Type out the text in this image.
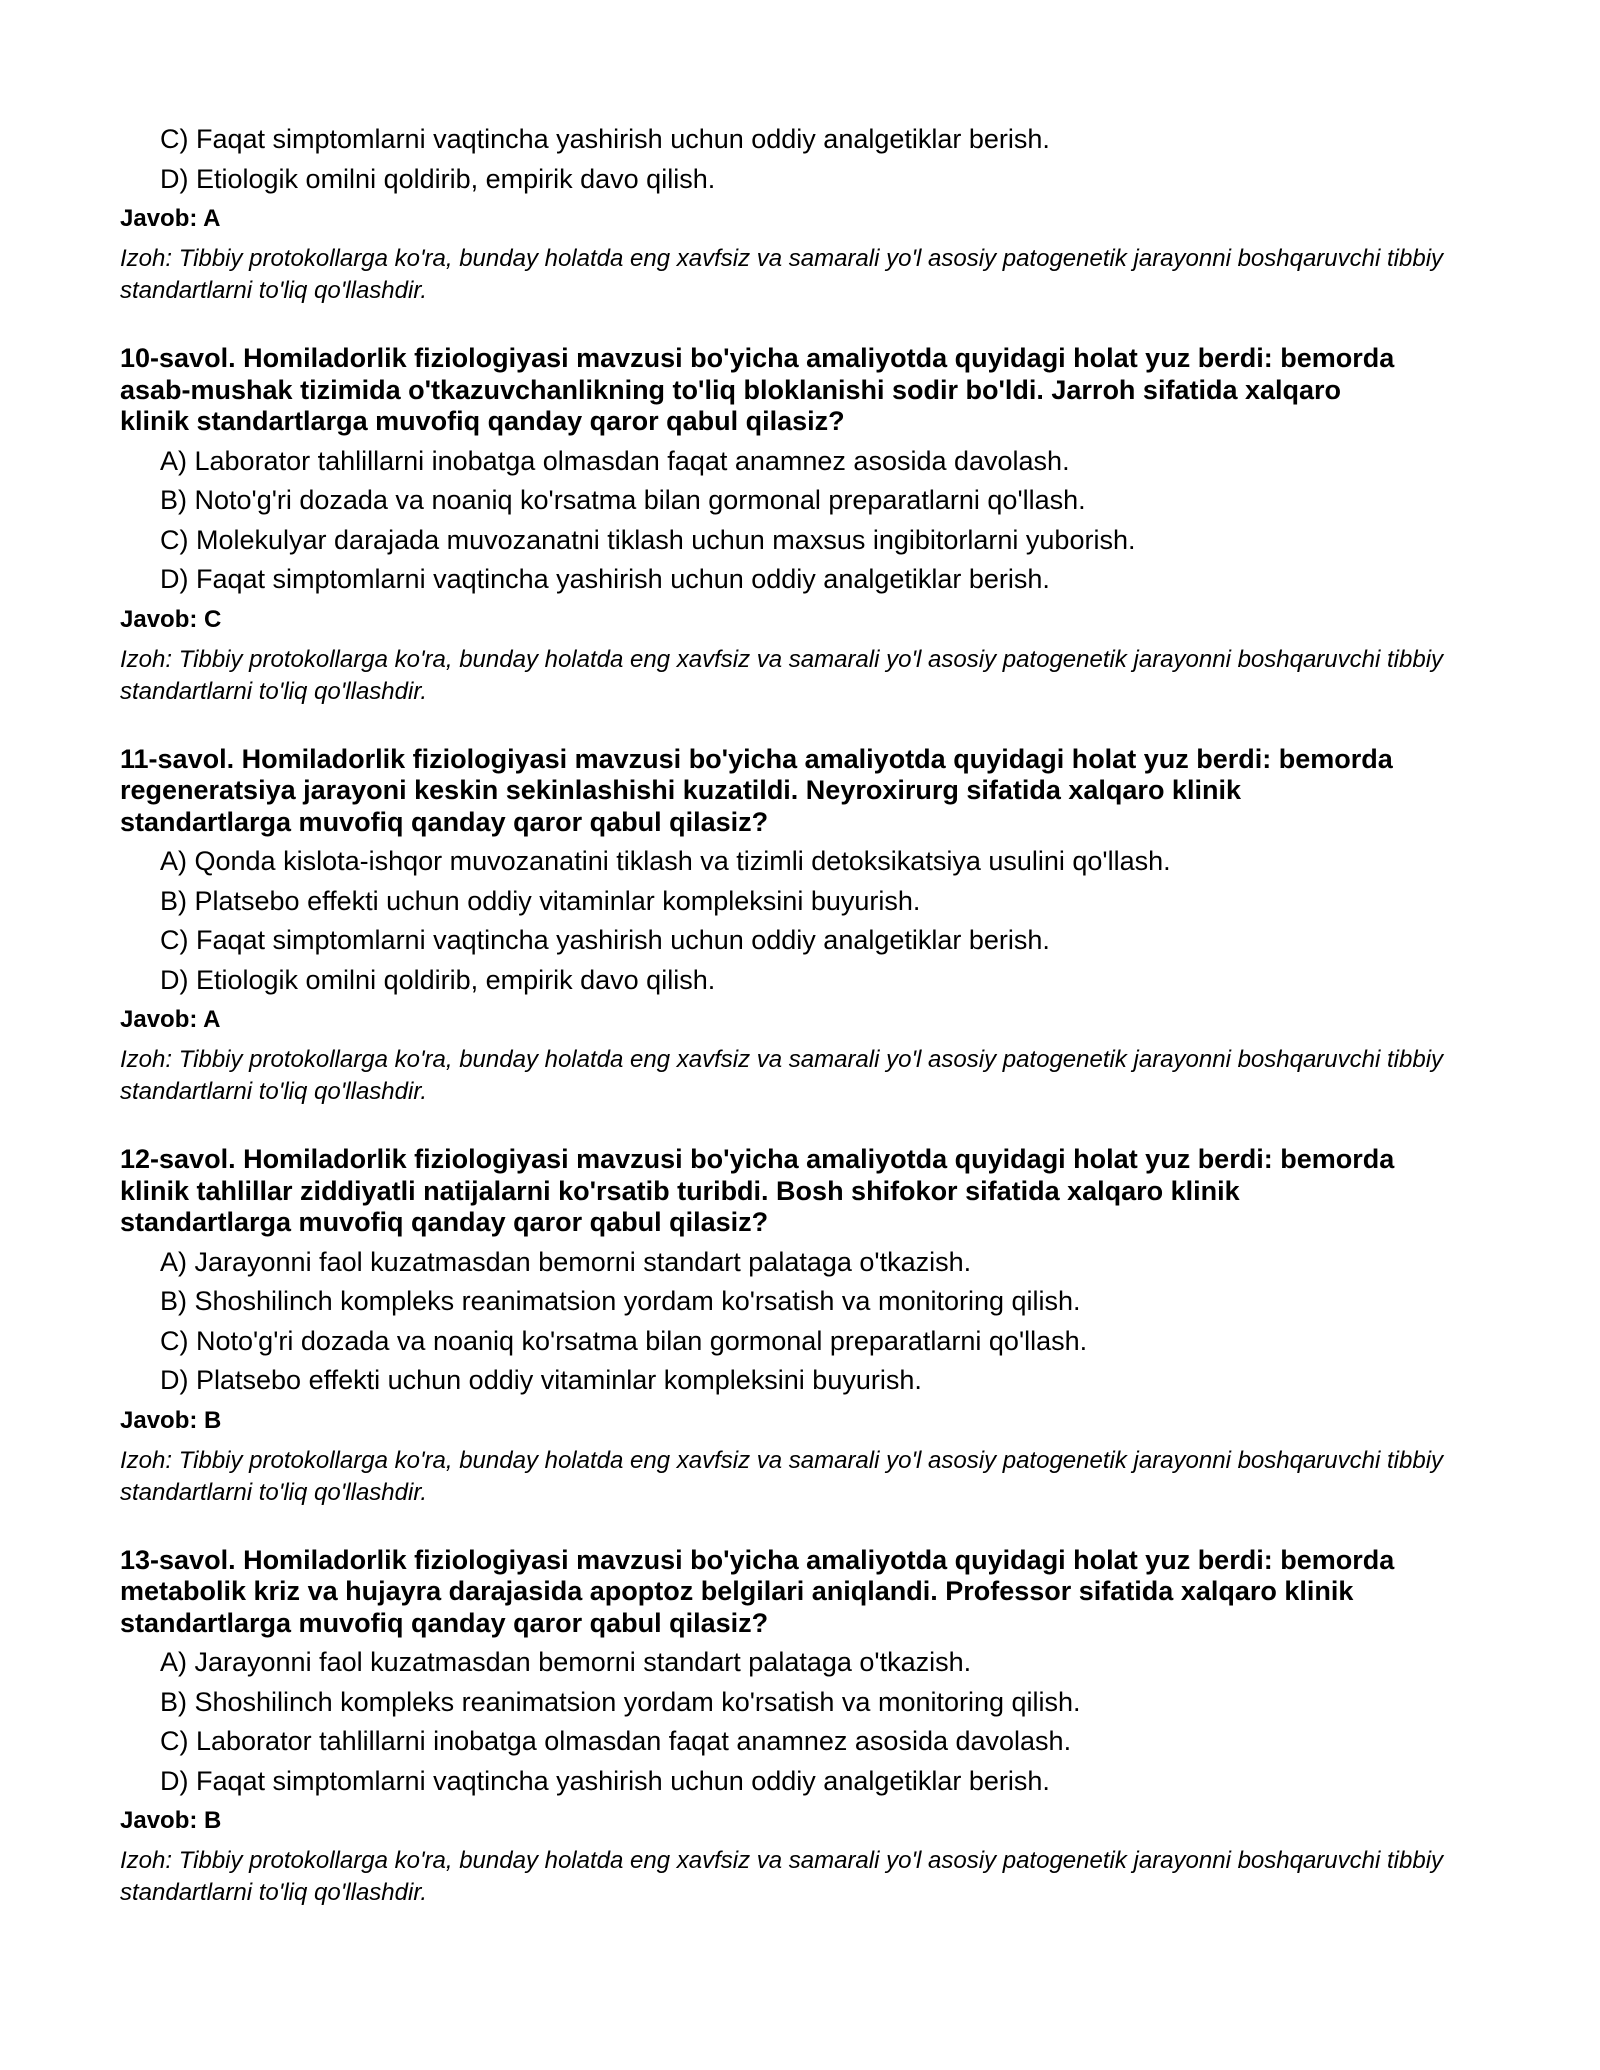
C) Faqat simptomlarni vaqtincha yashirish uchun oddiy analgetiklar berish.
D) Etiologik omilni qoldirib, empirik davo qilish.
Javob: A
Izoh: Tibbiy protokollarga ko'ra, bunday holatda eng xavfsiz va samarali yo'l asosiy patogenetik jarayonni boshqaruvchi tibbiy standartlarni to'liq qo'llashdir.
10-savol. Homiladorlik fiziologiyasi mavzusi bo'yicha amaliyotda quyidagi holat yuz berdi: bemorda
asab-mushak tizimida o'tkazuvchanlikning to'liq bloklanishi sodir bo'ldi. Jarroh sifatida xalqaro
klinik standartlarga muvofiq qanday qaror qabul qilasiz?
A) Laborator tahlillarni inobatga olmasdan faqat anamnez asosida davolash.
B) Noto'g'ri dozada va noaniq ko'rsatma bilan gormonal preparatlarni qo'llash.
C) Molekulyar darajada muvozanatni tiklash uchun maxsus ingibitorlarni yuborish.
D) Faqat simptomlarni vaqtincha yashirish uchun oddiy analgetiklar berish.
Javob: C
Izoh: Tibbiy protokollarga ko'ra, bunday holatda eng xavfsiz va samarali yo'l asosiy patogenetik jarayonni boshqaruvchi tibbiy standartlarni to'liq qo'llashdir.
11-savol. Homiladorlik fiziologiyasi mavzusi bo'yicha amaliyotda quyidagi holat yuz berdi: bemorda
regeneratsiya jarayoni keskin sekinlashishi kuzatildi. Neyroxirurg sifatida xalqaro klinik
standartlarga muvofiq qanday qaror qabul qilasiz?
A) Qonda kislota-ishqor muvozanatini tiklash va tizimli detoksikatsiya usulini qo'llash.
B) Platsebo effekti uchun oddiy vitaminlar kompleksini buyurish.
C) Faqat simptomlarni vaqtincha yashirish uchun oddiy analgetiklar berish.
D) Etiologik omilni qoldirib, empirik davo qilish.
Javob: A
Izoh: Tibbiy protokollarga ko'ra, bunday holatda eng xavfsiz va samarali yo'l asosiy patogenetik jarayonni boshqaruvchi tibbiy standartlarni to'liq qo'llashdir.
12-savol. Homiladorlik fiziologiyasi mavzusi bo'yicha amaliyotda quyidagi holat yuz berdi: bemorda
klinik tahlillar ziddiyatli natijalarni ko'rsatib turibdi. Bosh shifokor sifatida xalqaro klinik
standartlarga muvofiq qanday qaror qabul qilasiz?
A) Jarayonni faol kuzatmasdan bemorni standart palataga o'tkazish.
B) Shoshilinch kompleks reanimatsion yordam ko'rsatish va monitoring qilish.
C) Noto'g'ri dozada va noaniq ko'rsatma bilan gormonal preparatlarni qo'llash.
D) Platsebo effekti uchun oddiy vitaminlar kompleksini buyurish.
Javob: B
Izoh: Tibbiy protokollarga ko'ra, bunday holatda eng xavfsiz va samarali yo'l asosiy patogenetik jarayonni boshqaruvchi tibbiy standartlarni to'liq qo'llashdir.
13-savol. Homiladorlik fiziologiyasi mavzusi bo'yicha amaliyotda quyidagi holat yuz berdi: bemorda
metabolik kriz va hujayra darajasida apoptoz belgilari aniqlandi. Professor sifatida xalqaro klinik
standartlarga muvofiq qanday qaror qabul qilasiz?
A) Jarayonni faol kuzatmasdan bemorni standart palataga o'tkazish.
B) Shoshilinch kompleks reanimatsion yordam ko'rsatish va monitoring qilish.
C) Laborator tahlillarni inobatga olmasdan faqat anamnez asosida davolash.
D) Faqat simptomlarni vaqtincha yashirish uchun oddiy analgetiklar berish.
Javob: B
Izoh: Tibbiy protokollarga ko'ra, bunday holatda eng xavfsiz va samarali yo'l asosiy patogenetik jarayonni boshqaruvchi tibbiy standartlarni to'liq qo'llashdir.
